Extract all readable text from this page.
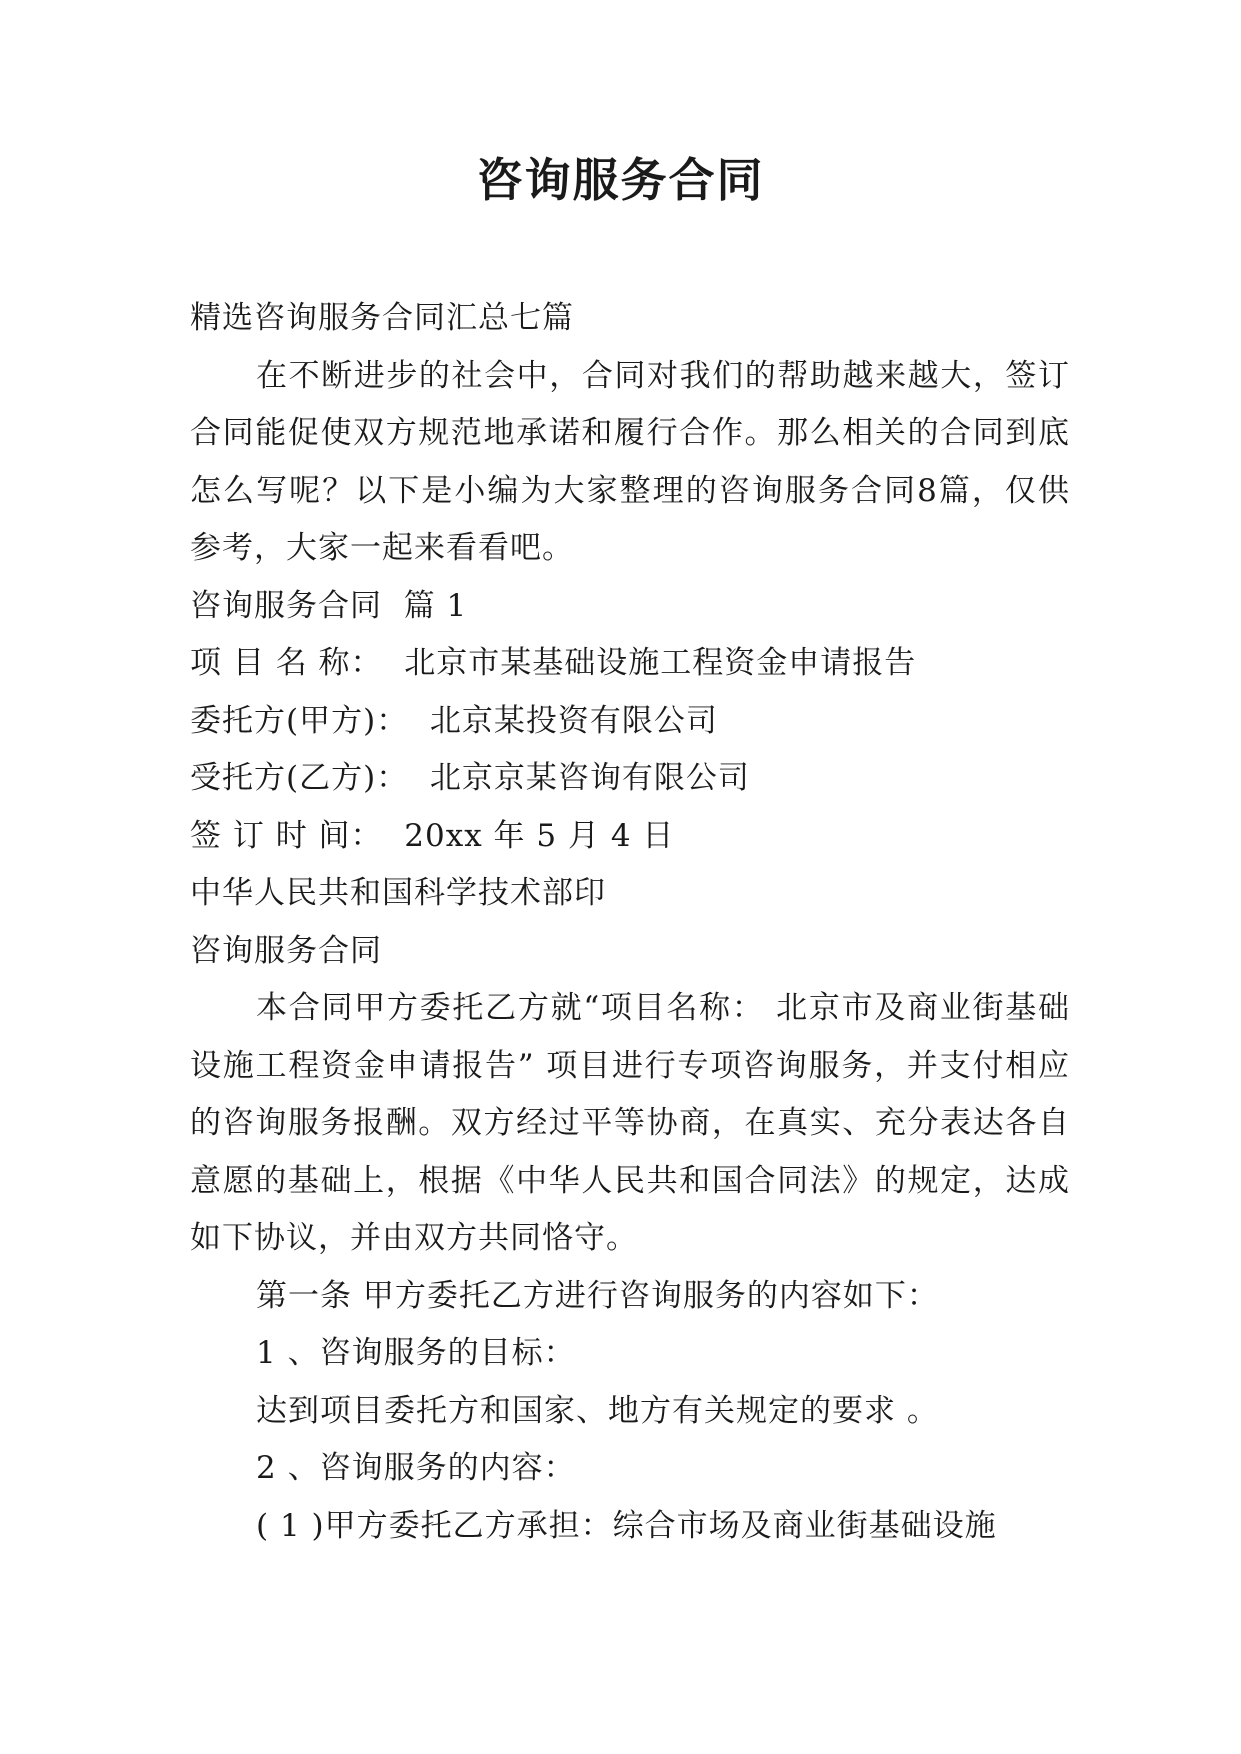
咨询服务合同

精选咨询服务合同汇总七篇

在不断进步的社会中，合同对我们的帮助越来越大，签订合同能促使双方规范地承诺和履行合作。那么相关的合同到底怎么写呢？以下是小编为大家整理的咨询服务合同8篇，仅供参考，大家一起来看看吧。

咨询服务合同  篇 1

项 目 名 称：  北京市某基础设施工程资金申请报告

委托方(甲方)：  北京某投资有限公司

受托方(乙方)：  北京京某咨询有限公司

签 订 时 间：  20xx 年 5 月 4 日

中华人民共和国科学技术部印

咨询服务合同

本合同甲方委托乙方就“项目名称： 北京市及商业街基础设施工程资金申请报告” 项目进行专项咨询服务，并支付相应的咨询服务报酬。双方经过平等协商，在真实、充分表达各自意愿的基础上，根据《中华人民共和国合同法》的规定，达成如下协议，并由双方共同恪守。

第一条 甲方委托乙方进行咨询服务的内容如下：

1 、咨询服务的目标：

达到项目委托方和国家、地方有关规定的要求 。

2 、咨询服务的内容：

( 1 )甲方委托乙方承担：综合市场及商业街基础设施
